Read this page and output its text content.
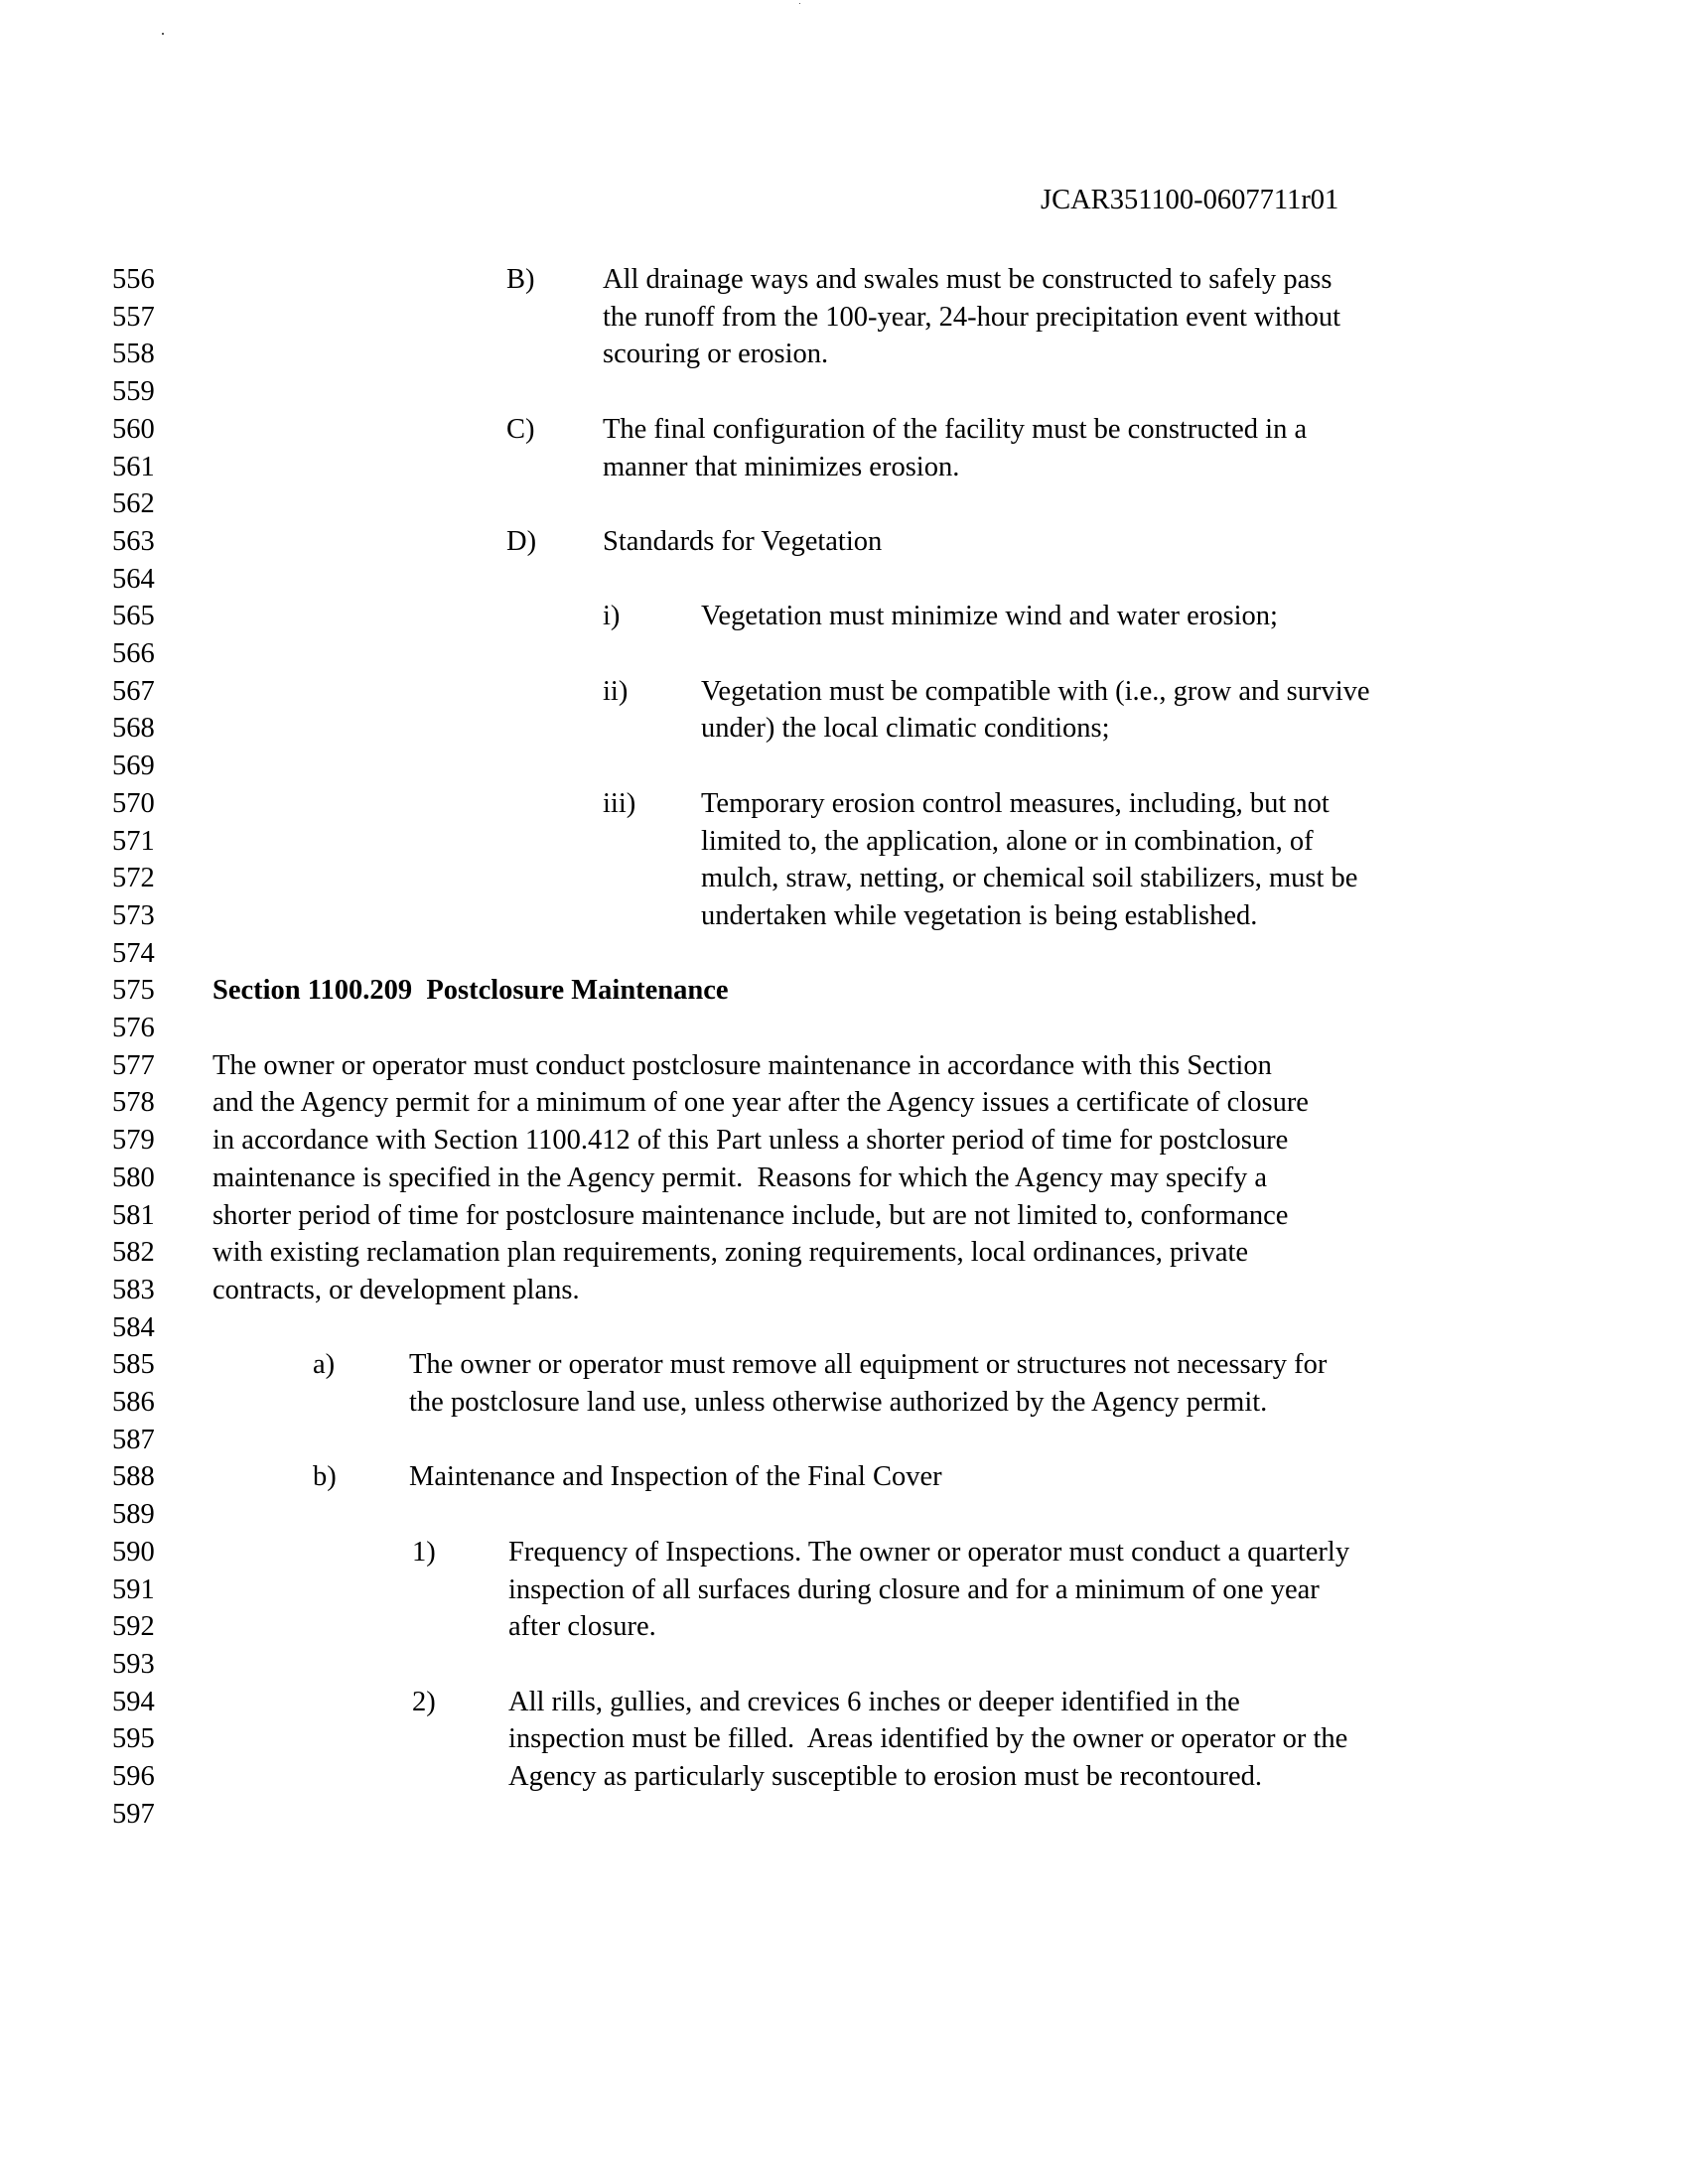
JCAR351100-0607711r01
556
557
558
559
560
561
562
563
564
565
566
567
568
569
570
571
572
573
574
575
576
577
578
579
580
581
582
583
584
585
586
587
588
589
590
591
592
593
594
595
596
597
B) All drainage ways and swales must be constructed to safely pass
the runoff from the 100-year, 24-hour precipitation event without
scouring or erosion.
C) The final configuration of the facility must be constructed in a
manner that minimizes erosion.
D) Standards for Vegetation
i)	Vegetation must minimize wind and water erosion;
ii)	Vegetation must be compatible with (i.e., grow and survive
under) the local climatic conditions;
iii) Temporary erosion control measures, including, but not
limited to, the application, alone or in combination, of
mulch, straw, netting, or chemical soil stabilizers, must be
undertaken while vegetation is being established.
Section 1100.209  Postclosure Maintenance
The owner or operator must conduct postclosure maintenance in accordance with this Section
and the Agency permit for a minimum of one year after the Agency issues a certificate of closure
in accordance with Section 1100.412 of this Part unless a shorter period of time for postclosure
maintenance is specified in the Agency permit.  Reasons for which the Agency may specify a
shorter period of time for postclosure maintenance include, but are not limited to, conformance
with existing reclamation plan requirements, zoning requirements, local ordinances, private
contracts, or development plans.
a)	The owner or operator must remove all equipment or structures not necessary for
the postclosure land use, unless otherwise authorized by the Agency permit.
b)	Maintenance and Inspection of the Final Cover
1)	Frequency of Inspections. The owner or operator must conduct a quarterly
inspection of all surfaces during closure and for a minimum of one year
after closure.
2)	All rills, gullies, and crevices 6 inches or deeper identified in the
inspection must be filled.  Areas identified by the owner or operator or the
Agency as particularly susceptible to erosion must be recontoured.
